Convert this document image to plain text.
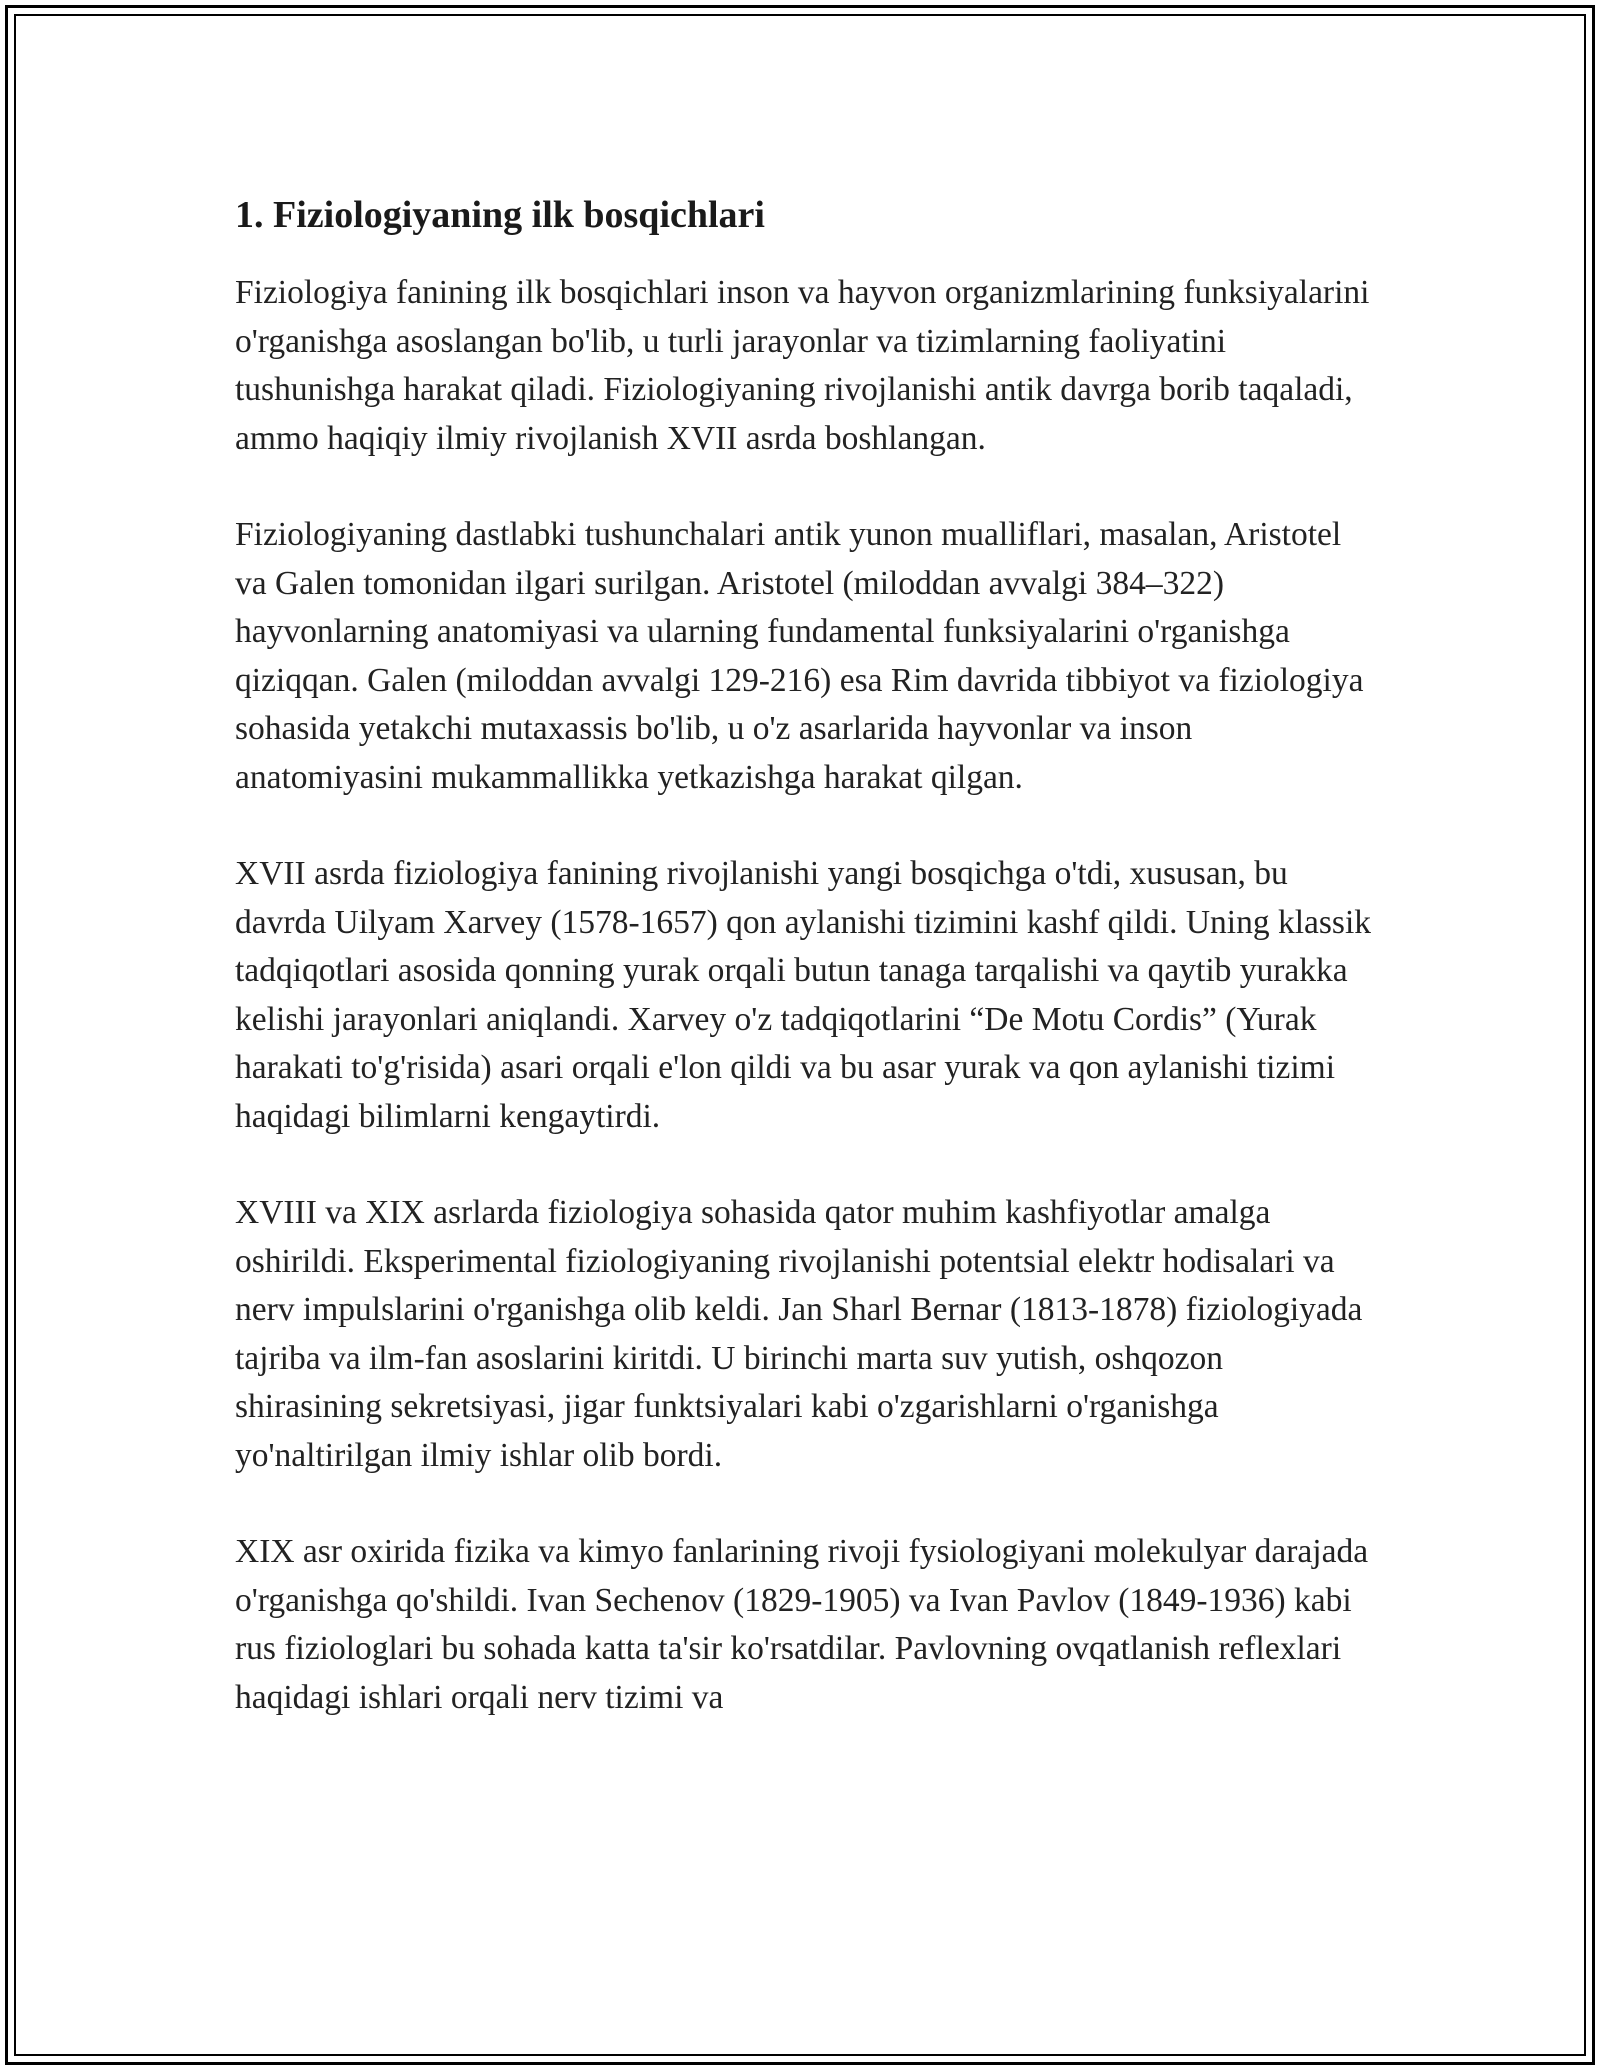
1. Fiziologiyaning ilk bosqichlari

Fiziologiya fanining ilk bosqichlari inson va hayvon organizmlarining funksiyalarini o'rganishga asoslangan bo'lib, u turli jarayonlar va tizimlarning faoliyatini tushunishga harakat qiladi. Fiziologiyaning rivojlanishi antik davrga borib taqaladi, ammo haqiqiy ilmiy rivojlanish XVII asrda boshlangan.

Fiziologiyaning dastlabki tushunchalari antik yunon mualliflari, masalan, Aristotel va Galen tomonidan ilgari surilgan. Aristotel (miloddan avvalgi 384–322) hayvonlarning anatomiyasi va ularning fundamental funksiyalarini o'rganishga qiziqqan. Galen (miloddan avvalgi 129-216) esa Rim davrida tibbiyot va fiziologiya sohasida yetakchi mutaxassis bo'lib, u o'z asarlarida hayvonlar va inson anatomiyasini mukammallikka yetkazishga harakat qilgan.

XVII asrda fiziologiya fanining rivojlanishi yangi bosqichga o'tdi, xususan, bu davrda Uilyam Xarvey (1578-1657) qon aylanishi tizimini kashf qildi. Uning klassik tadqiqotlari asosida qonning yurak orqali butun tanaga tarqalishi va qaytib yurakka kelishi jarayonlari aniqlandi. Xarvey o'z tadqiqotlarini “De Motu Cordis” (Yurak harakati to'g'risida) asari orqali e'lon qildi va bu asar yurak va qon aylanishi tizimi haqidagi bilimlarni kengaytirdi.

XVIII va XIX asrlarda fiziologiya sohasida qator muhim kashfiyotlar amalga oshirildi. Eksperimental fiziologiyaning rivojlanishi potentsial elektr hodisalari va nerv impulslarini o'rganishga olib keldi. Jan Sharl Bernar (1813-1878) fiziologiyada tajriba va ilm-fan asoslarini kiritdi. U birinchi marta suv yutish, oshqozon shirasining sekretsiyasi, jigar funktsiyalari kabi o'zgarishlarni o'rganishga yo'naltirilgan ilmiy ishlar olib bordi.

XIX asr oxirida fizika va kimyo fanlarining rivoji fysiologiyani molekulyar darajada o'rganishga qo'shildi. Ivan Sechenov (1829-1905) va Ivan Pavlov (1849-1936) kabi rus fiziologlari bu sohada katta ta'sir ko'rsatdilar. Pavlovning ovqatlanish reflexlari haqidagi ishlari orqali nerv tizimi va
